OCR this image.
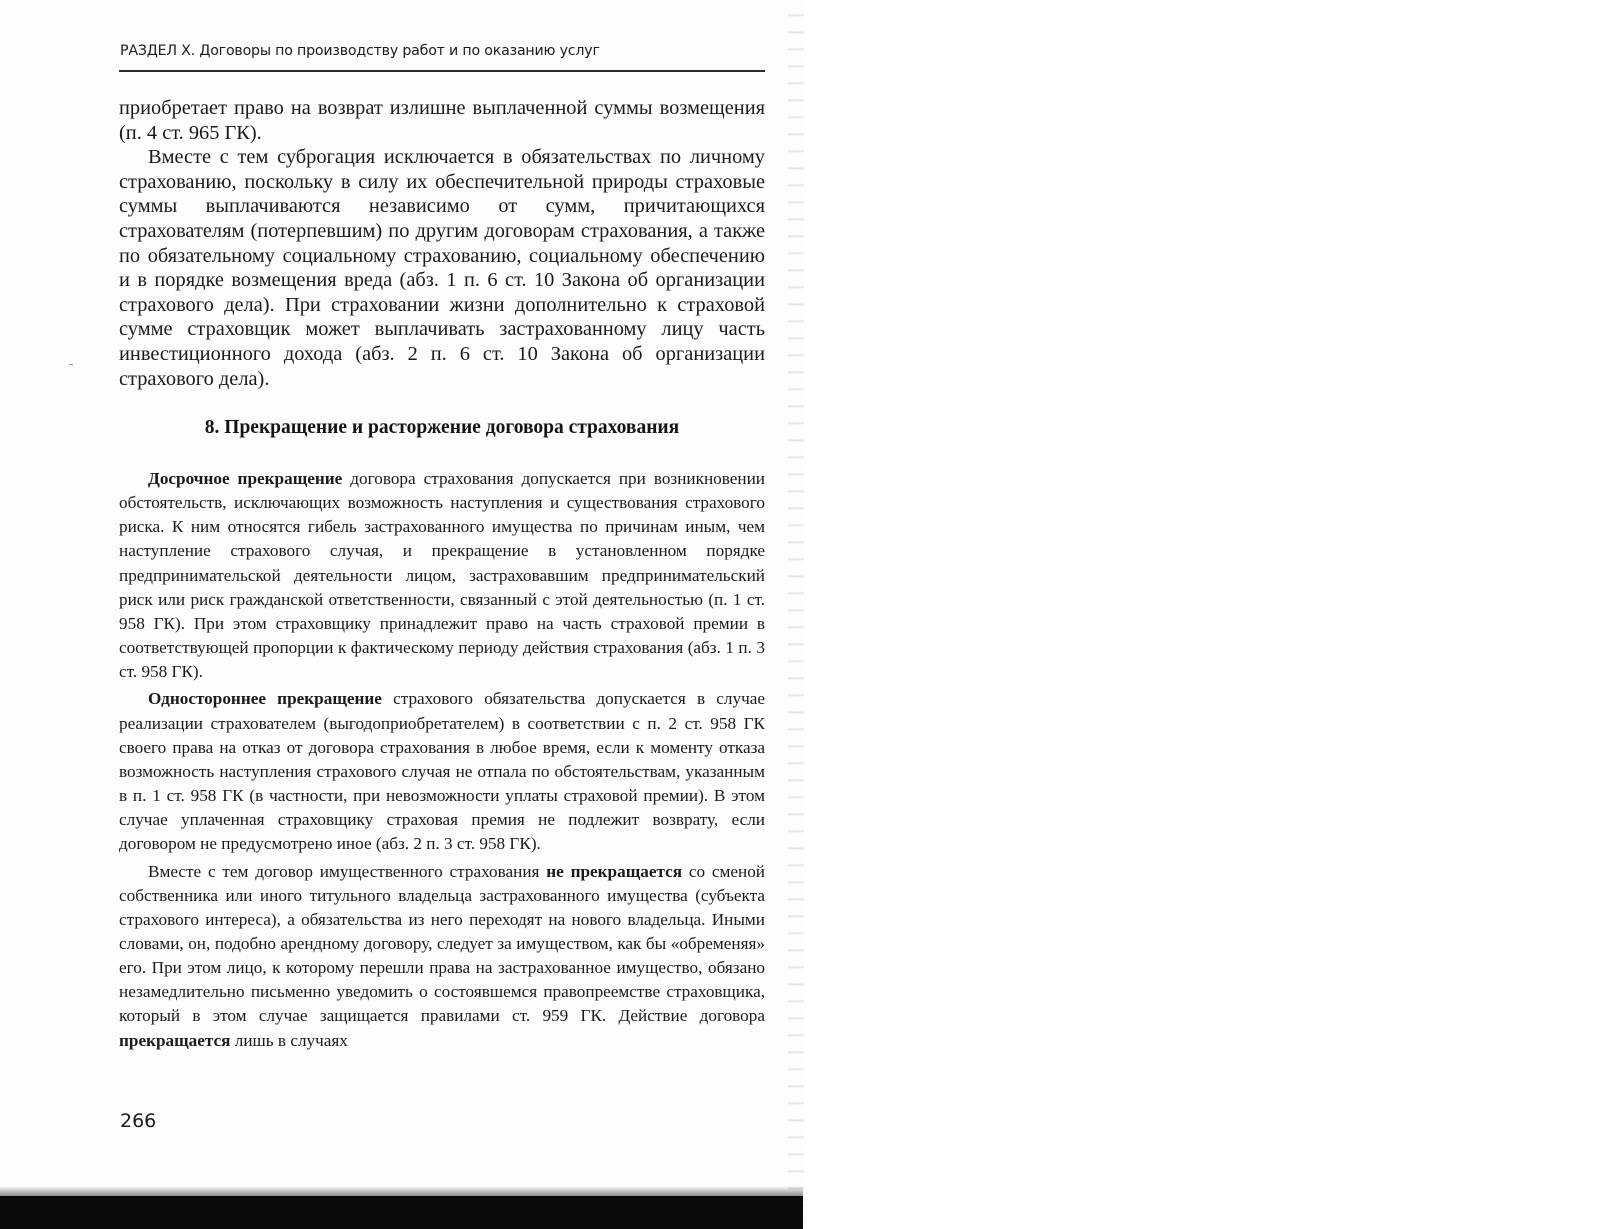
РАЗДЕЛ X. Договоры по производству работ и по оказанию услуг

приобретает право на возврат излишне выплаченной суммы возмещения (п. 4 ст. 965 ГК).

Вместе с тем суброгация исключается в обязательствах по личному страхованию, поскольку в силу их обеспечительной природы страховые суммы выплачиваются независимо от сумм, причитающихся страхователям (потерпевшим) по другим договорам страхования, а также по обязательному социальному страхованию, социальному обеспечению и в порядке возмещения вреда (абз. 1 п. 6 ст. 10 Закона об организации страхового дела). При страховании жизни дополнительно к страховой сумме страховщик может выплачивать застрахованному лицу часть инвестиционного дохода (абз. 2 п. 6 ст. 10 Закона об организации страхового дела).

8. Прекращение и расторжение договора страхования

Досрочное прекращение договора страхования допускается при возникновении обстоятельств, исключающих возможность наступления и существования страхового риска. К ним относятся гибель застрахованного имущества по причинам иным, чем наступление страхового случая, и прекращение в установленном порядке предпринимательской деятельности лицом, застраховавшим предпринимательский риск или риск гражданской ответственности, связанный с этой деятельностью (п. 1 ст. 958 ГК). При этом страховщику принадлежит право на часть страховой премии в соответствующей пропорции к фактическому периоду действия страхования (абз. 1 п. 3 ст. 958 ГК).

Одностороннее прекращение страхового обязательства допускается в случае реализации страхователем (выгодоприобретателем) в соответствии с п. 2 ст. 958 ГК своего права на отказ от договора страхования в любое время, если к моменту отказа возможность наступления страхового случая не отпала по обстоятельствам, указанным в п. 1 ст. 958 ГК (в частности, при невозможности уплаты страховой премии). В этом случае уплаченная страховщику страховая премия не подлежит возврату, если договором не предусмотрено иное (абз. 2 п. 3 ст. 958 ГК).

Вместе с тем договор имущественного страхования не прекращается со сменой собственника или иного титульного владельца застрахованного имущества (субъекта страхового интереса), а обязательства из него переходят на нового владельца. Иными словами, он, подобно арендному договору, следует за имуществом, как бы «обременяя» его. При этом лицо, к которому перешли права на застрахованное имущество, обязано незамедлительно письменно уведомить о состоявшемся правопреемстве страховщика, который в этом случае защищается правилами ст. 959 ГК. Действие договора прекращается лишь в случаях

266
